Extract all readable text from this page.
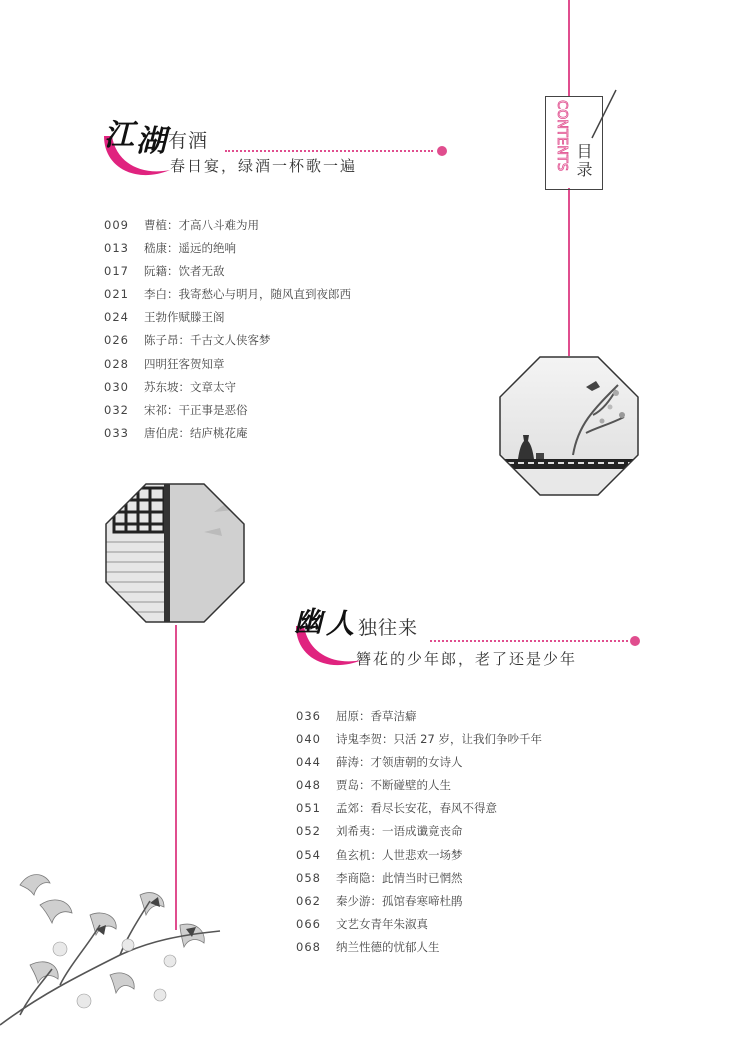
CONTENTS 目录
江 湖 有酒
春日宴，绿酒一杯歌一遍
009 曹植：才高八斗难为用
013 嵇康：遥远的绝响
017 阮籍：饮者无敌
021 李白：我寄愁心与明月，随风直到夜郎西
024 王勃作赋滕王阁
026 陈子昂：千古文人侠客梦
028 四明狂客贺知章
030 苏东坡：文章太守
032 宋祁：干正事是恶俗
033 唐伯虎：结庐桃花庵
幽 人 独往来
簪花的少年郎，老了还是少年
036 屈原：香草洁癖
040 诗鬼李贺：只活 27 岁，让我们争吵千年
044 薛涛：才领唐朝的女诗人
048 贾岛：不断碰壁的人生
051 孟郊：看尽长安花，春风不得意
052 刘希夷：一语成谶竟丧命
054 鱼玄机：人世悲欢一场梦
058 李商隐：此情当时已惘然
062 秦少游：孤馆春寒啼杜鹃
066 文艺女青年朱淑真
068 纳兰性德的忧郁人生
